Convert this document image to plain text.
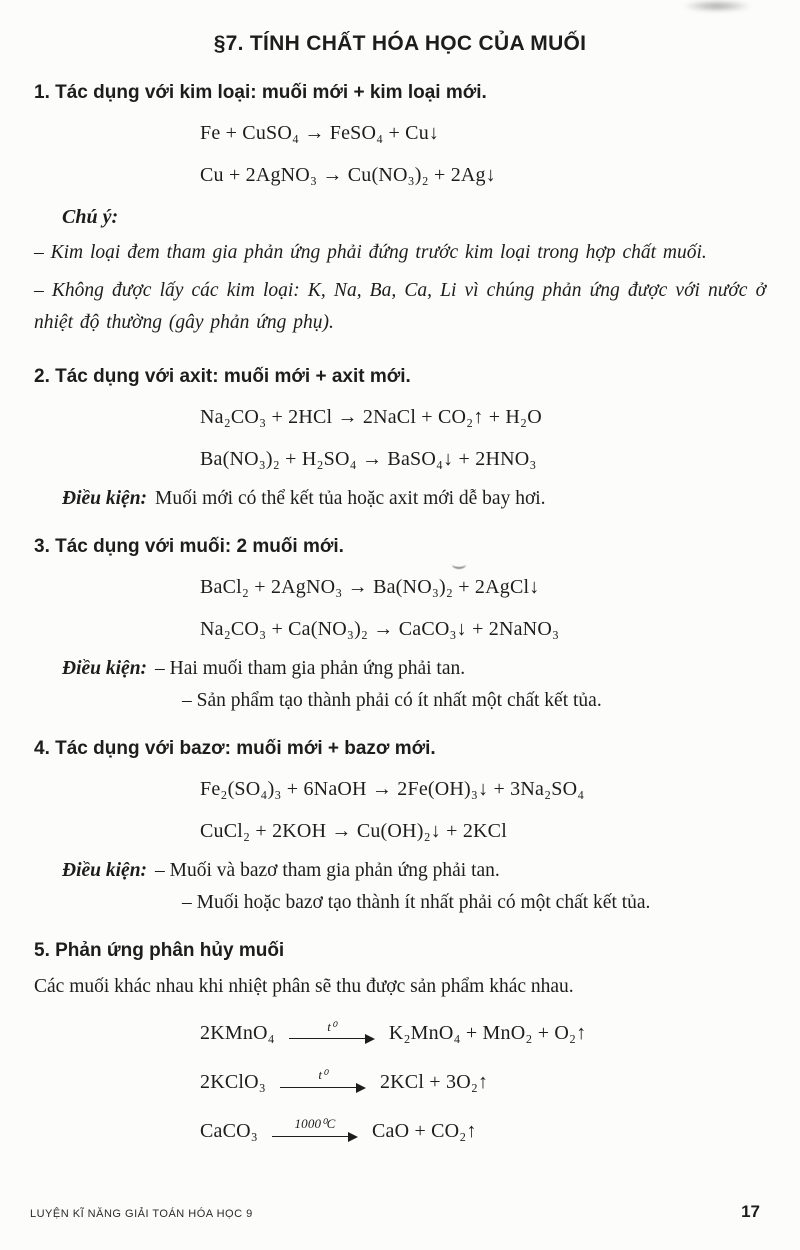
§7. TÍNH CHẤT HÓA HỌC CỦA MUỐI
1. Tác dụng với kim loại: muối mới + kim loại mới.
Fe + CuSO₄ → FeSO₄ + Cu↓
Cu + 2AgNO₃ → Cu(NO₃)₂ + 2Ag↓
Chú ý:
– Kim loại đem tham gia phản ứng phải đứng trước kim loại trong hợp chất muối.
– Không được lấy các kim loại: K, Na, Ba, Ca, Li vì chúng phản ứng được với nước ở nhiệt độ thường (gây phản ứng phụ).
2. Tác dụng với axit: muối mới + axit mới.
Na₂CO₃ + 2HCl → 2NaCl + CO₂↑ + H₂O
Ba(NO₃)₂ + H₂SO₄ → BaSO₄↓ + 2HNO₃
Điều kiện: Muối mới có thể kết tủa hoặc axit mới dễ bay hơi.
3. Tác dụng với muối: 2 muối mới.
BaCl₂ + 2AgNO₃ → Ba(NO₃)₂ + 2AgCl↓
Na₂CO₃ + Ca(NO₃)₂ → CaCO₃↓ + 2NaNO₃
Điều kiện: – Hai muối tham gia phản ứng phải tan.
– Sản phẩm tạo thành phải có ít nhất một chất kết tủa.
4. Tác dụng với bazơ: muối mới + bazơ mới.
Fe₂(SO₄)₃ + 6NaOH → 2Fe(OH)₃↓ + 3Na₂SO₄
CuCl₂ + 2KOH → Cu(OH)₂↓ + 2KCl
Điều kiện: – Muối và bazơ tham gia phản ứng phải tan.
– Muối hoặc bazơ tạo thành ít nhất phải có một chất kết tủa.
5. Phản ứng phân hủy muối
Các muối khác nhau khi nhiệt phân sẽ thu được sản phẩm khác nhau.
2KMnO₄	t⁰	K₂MnO₄ + MnO₂ + O₂↑
2KClO₃	t⁰	2KCl + 3O₂↑
CaCO₃	1000⁰C CaO + CO₂↑
LUYỆN KĨ NĂNG GIẢI TOÁN HÓA HỌC 9	17
